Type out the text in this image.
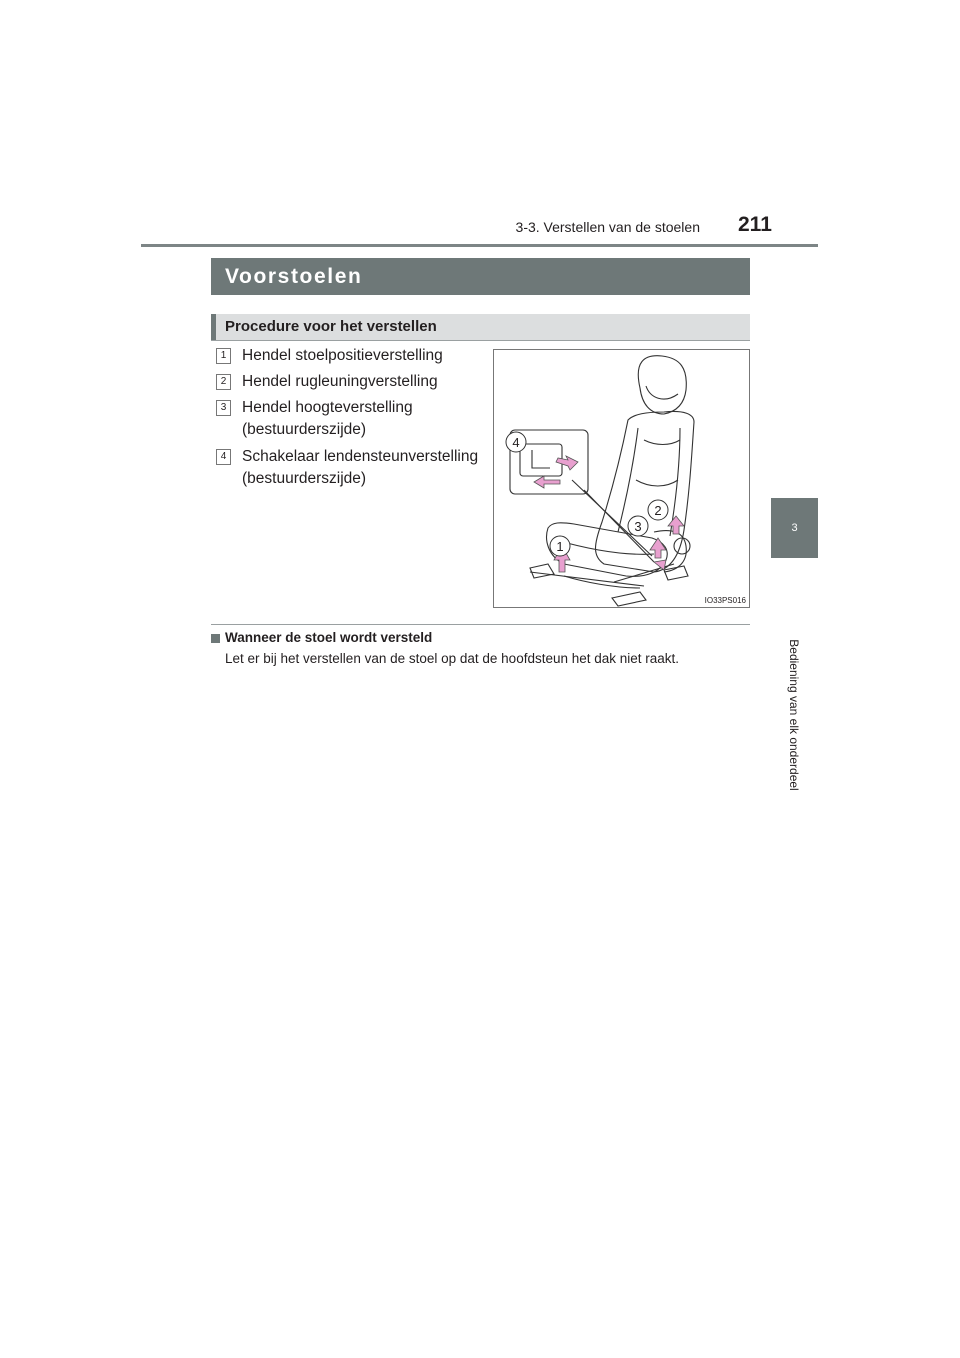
3-3. Verstellen van de stoelen 211
3
Bediening van elk onderdeel
Voorstoelen
Procedure voor het verstellen
1	Hendel stoelpositieverstelling
2	Hendel rugleuningverstelling
3	Hendel hoogteverstelling (bestuurderszijde)
4	Schakelaar lendensteunverstelling (bestuurderszijde)
4
2
3
1
IO33PS016
Wanneer de stoel wordt versteld
Let er bij het verstellen van de stoel op dat de hoofdsteun het dak niet raakt.
